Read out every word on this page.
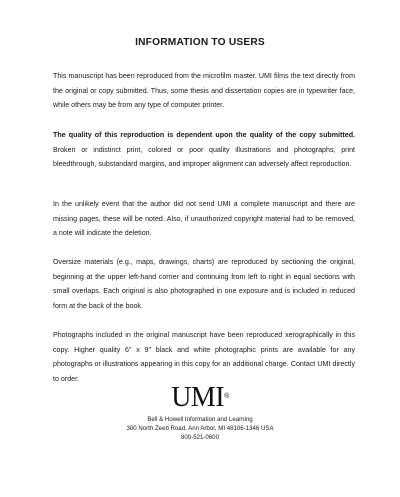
INFORMATION TO USERS

This manuscript has been reproduced from the microfilm master. UMI films the text directly from the original or copy submitted. Thus, some thesis and dissertation copies are in typewriter face, while others may be from any type of computer printer.

The quality of this reproduction is dependent upon the quality of the copy submitted. Broken or indistinct print, colored or poor quality illustrations and photographs, print bleedthrough, substandard margins, and improper alignment can adversely affect reproduction.

In the unlikely event that the author did not send UMI a complete manuscript and there are missing pages, these will be noted. Also, if unauthorized copyright material had to be removed, a note will indicate the deletion.

Oversize materials (e.g., maps, drawings, charts) are reproduced by sectioning the original, beginning at the upper left-hand corner and continuing from left to right in equal sections with small overlaps. Each original is also photographed in one exposure and is included in reduced form at the back of the book.

Photographs included in the original manuscript have been reproduced xerographically in this copy. Higher quality 6" x 9" black and white photographic prints are available for any photographs or illustrations appearing in this copy for an additional charge. Contact UMI directly to order.

UMI®

Bell & Howell Information and Learning

300 North Zeeb Road, Ann Arbor, MI 48106-1346 USA

800-521-0600
